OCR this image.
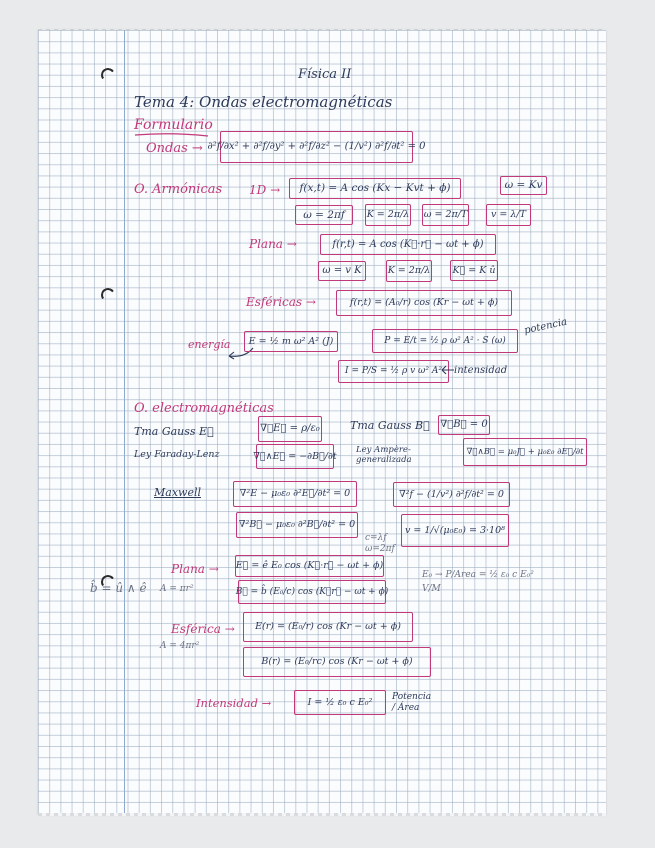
Física II
Tema 4: Ondas electromagnéticas
Formulario
Ondas → ∂²f/∂x² + ∂²f/∂y² + ∂²f/∂z² − (1/v²) ∂²f/∂t² = 0
O. Armónicas 1D →	f(x,t) = A cos (Kx − Kvt + ϕ)	ω = Kv
ω = 2πf	K = 2π/λ ω = 2π/T	v = λ/T
Plana →	f(r,t) = A cos (K⃗·r⃗ − ωt + ϕ)
ω = v K	K = 2π/λ K⃗ = K û
Esféricas →	f(r,t) = (A₀/r) cos (Kr − ωt + ϕ)
energía	E = ½ m ω² A² (J)	P = E/t = ½ ρ ω² A² · S (ω)
potencia
I = P/S = ½ ρ v ω² A²	intensidad
O. electromagnéticas
Tma Gauss E⃗	∇⃗E⃗ = ρ/ε₀	Tma Gauss B⃗ ∇⃗B⃗ = 0
Ley Faraday-Lenz	∇⃗∧E⃗ = −∂B⃗/∂t
Ley Ampère-generalizada
∇⃗∧B⃗ = μ₀J⃗ + μ₀ε₀ ∂E⃗/∂t
Maxwell	∇²E − μ₀ε₀ ∂²E⃗/∂t² = 0	∇²f − (1/v²) ∂²f/∂t² = 0
∇²B⃗ − μ₀ε₀ ∂²B⃗/∂t² = 0	v = 1/√(μ₀ε₀) = 3·10⁸
c=λf
ω=2πf
Plana →
A = πr²
E⃗ = ê E₀ cos (K⃗·r⃗ − ωt + ϕ)
B⃗ = b̂ (E₀/c) cos (K⃗r⃗ − ωt + ϕ)
b̂ = û ∧ ê
E₀ → P/Area = ½ ε₀ c E₀²
V/M
Esférica →
A = 4πr²
E(r) = (E₀/r) cos (Kr − ωt + ϕ)
B(r) = (E₀/rc) cos (Kr − ωt + ϕ)
Intensidad →	I = ½ ε₀ c E₀²	Potencia / Área
